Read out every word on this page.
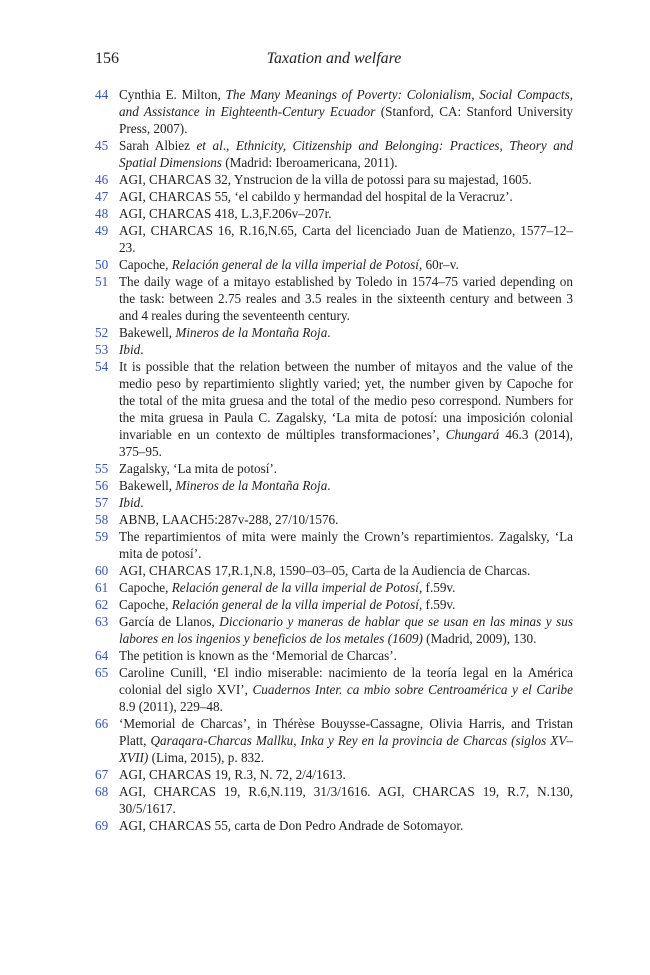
156	Taxation and welfare
44 Cynthia E. Milton, The Many Meanings of Poverty: Colonialism, Social Compacts, and Assistance in Eighteenth-Century Ecuador (Stanford, CA: Stanford University Press, 2007).
45 Sarah Albiez et al., Ethnicity, Citizenship and Belonging: Practices, Theory and Spatial Dimensions (Madrid: Iberoamericana, 2011).
46 AGI, CHARCAS 32, Ynstrucion de la villa de potossi para su majestad, 1605.
47 AGI, CHARCAS 55, ‘el cabildo y hermandad del hospital de la Veracruz’.
48 AGI, CHARCAS 418, L.3,F.206v–207r.
49 AGI, CHARCAS 16, R.16,N.65, Carta del licenciado Juan de Matienzo, 1577–12–23.
50 Capoche, Relación general de la villa imperial de Potosí, 60r–v.
51 The daily wage of a mitayo established by Toledo in 1574–75 varied depending on the task: between 2.75 reales and 3.5 reales in the sixteenth century and between 3 and 4 reales during the seventeenth century.
52 Bakewell, Mineros de la Montaña Roja.
53 Ibid.
54 It is possible that the relation between the number of mitayos and the value of the medio peso by repartimiento slightly varied; yet, the number given by Capoche for the total of the mita gruesa and the total of the medio peso correspond. Numbers for the mita gruesa in Paula C. Zagalsky, ‘La mita de potosí: una imposición colonial invariable en un contexto de múltiples transformaciones’, Chungará 46.3 (2014), 375–95.
55 Zagalsky, ‘La mita de potosí’.
56 Bakewell, Mineros de la Montaña Roja.
57 Ibid.
58 ABNB, LAACH5:287v-288, 27/10/1576.
59 The repartimientos of mita were mainly the Crown’s repartimientos. Zagalsky, ‘La mita de potosí’.
60 AGI, CHARCAS 17,R.1,N.8, 1590–03–05, Carta de la Audiencia de Charcas.
61 Capoche, Relación general de la villa imperial de Potosí, f.59v.
62 Capoche, Relación general de la villa imperial de Potosí, f.59v.
63 García de Llanos, Diccionario y maneras de hablar que se usan en las minas y sus labores en los ingenios y beneficios de los metales (1609) (Madrid, 2009), 130.
64 The petition is known as the ‘Memorial de Charcas’.
65 Caroline Cunill, ‘El indio miserable: nacimiento de la teoría legal en la América colonial del siglo XVI’, Cuadernos Inter. ca mbio sobre Centroamérica y el Caribe 8.9 (2011), 229–48.
66 ‘Memorial de Charcas’, in Thérèse Bouysse-Cassagne, Olivia Harris, and Tristan Platt, Qaraqara-Charcas Mallku, Inka y Rey en la provincia de Charcas (siglos XV–XVII) (Lima, 2015), p. 832.
67 AGI, CHARCAS 19, R.3, N. 72, 2/4/1613.
68 AGI, CHARCAS 19, R.6,N.119, 31/3/1616. AGI, CHARCAS 19, R.7, N.130, 30/5/1617.
69 AGI, CHARCAS 55, carta de Don Pedro Andrade de Sotomayor.
